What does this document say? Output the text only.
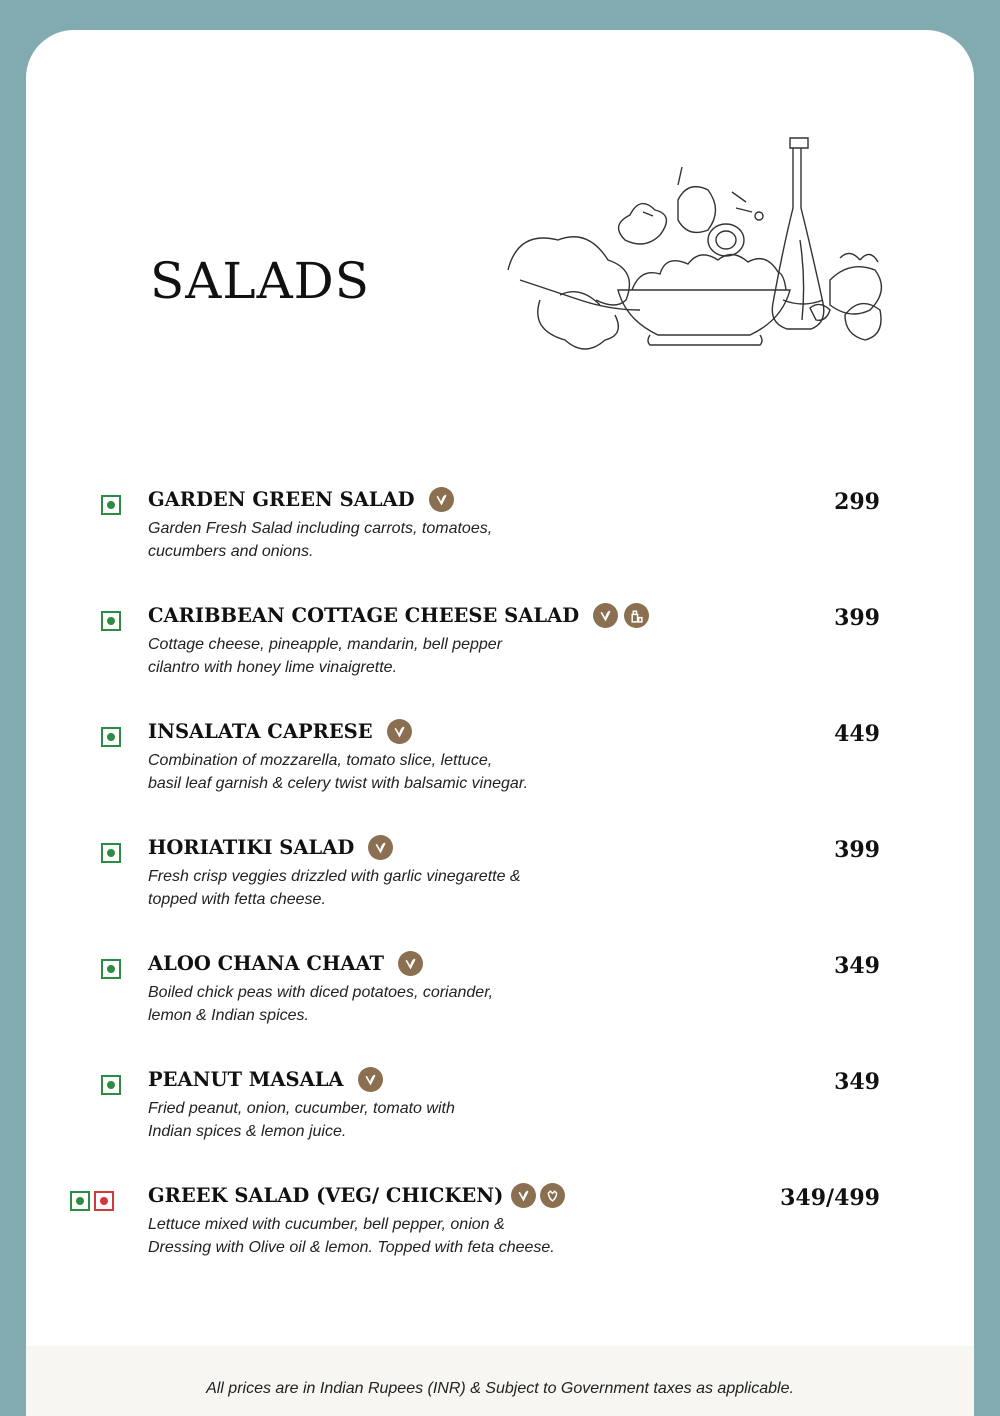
SALADS
GARDEN GREEN SALAD

Garden Fresh Salad including carrots, tomatoes,
cucumbers and onions.

299
CARIBBEAN COTTAGE CHEESE SALAD

Cottage cheese, pineapple, mandarin, bell pepper
cilantro with honey lime vinaigrette.

399
INSALATA CAPRESE

Combination of mozzarella, tomato slice, lettuce,
basil leaf garnish & celery twist with balsamic vinegar.

449
HORIATIKI SALAD

Fresh crisp veggies drizzled with garlic vinegarette &
topped with fetta cheese.

399
ALOO CHANA CHAAT

Boiled chick peas with diced potatoes, coriander,
lemon & Indian spices.

349
PEANUT MASALA

Fried peanut, onion, cucumber, tomato with
Indian spices & lemon juice.

349
GREEK SALAD (VEG/ CHICKEN)

Lettuce mixed with cucumber, bell pepper, onion &
Dressing with Olive oil & lemon. Topped with feta cheese.

349/499
All prices are in Indian Rupees (INR) & Subject to Government taxes as applicable.
